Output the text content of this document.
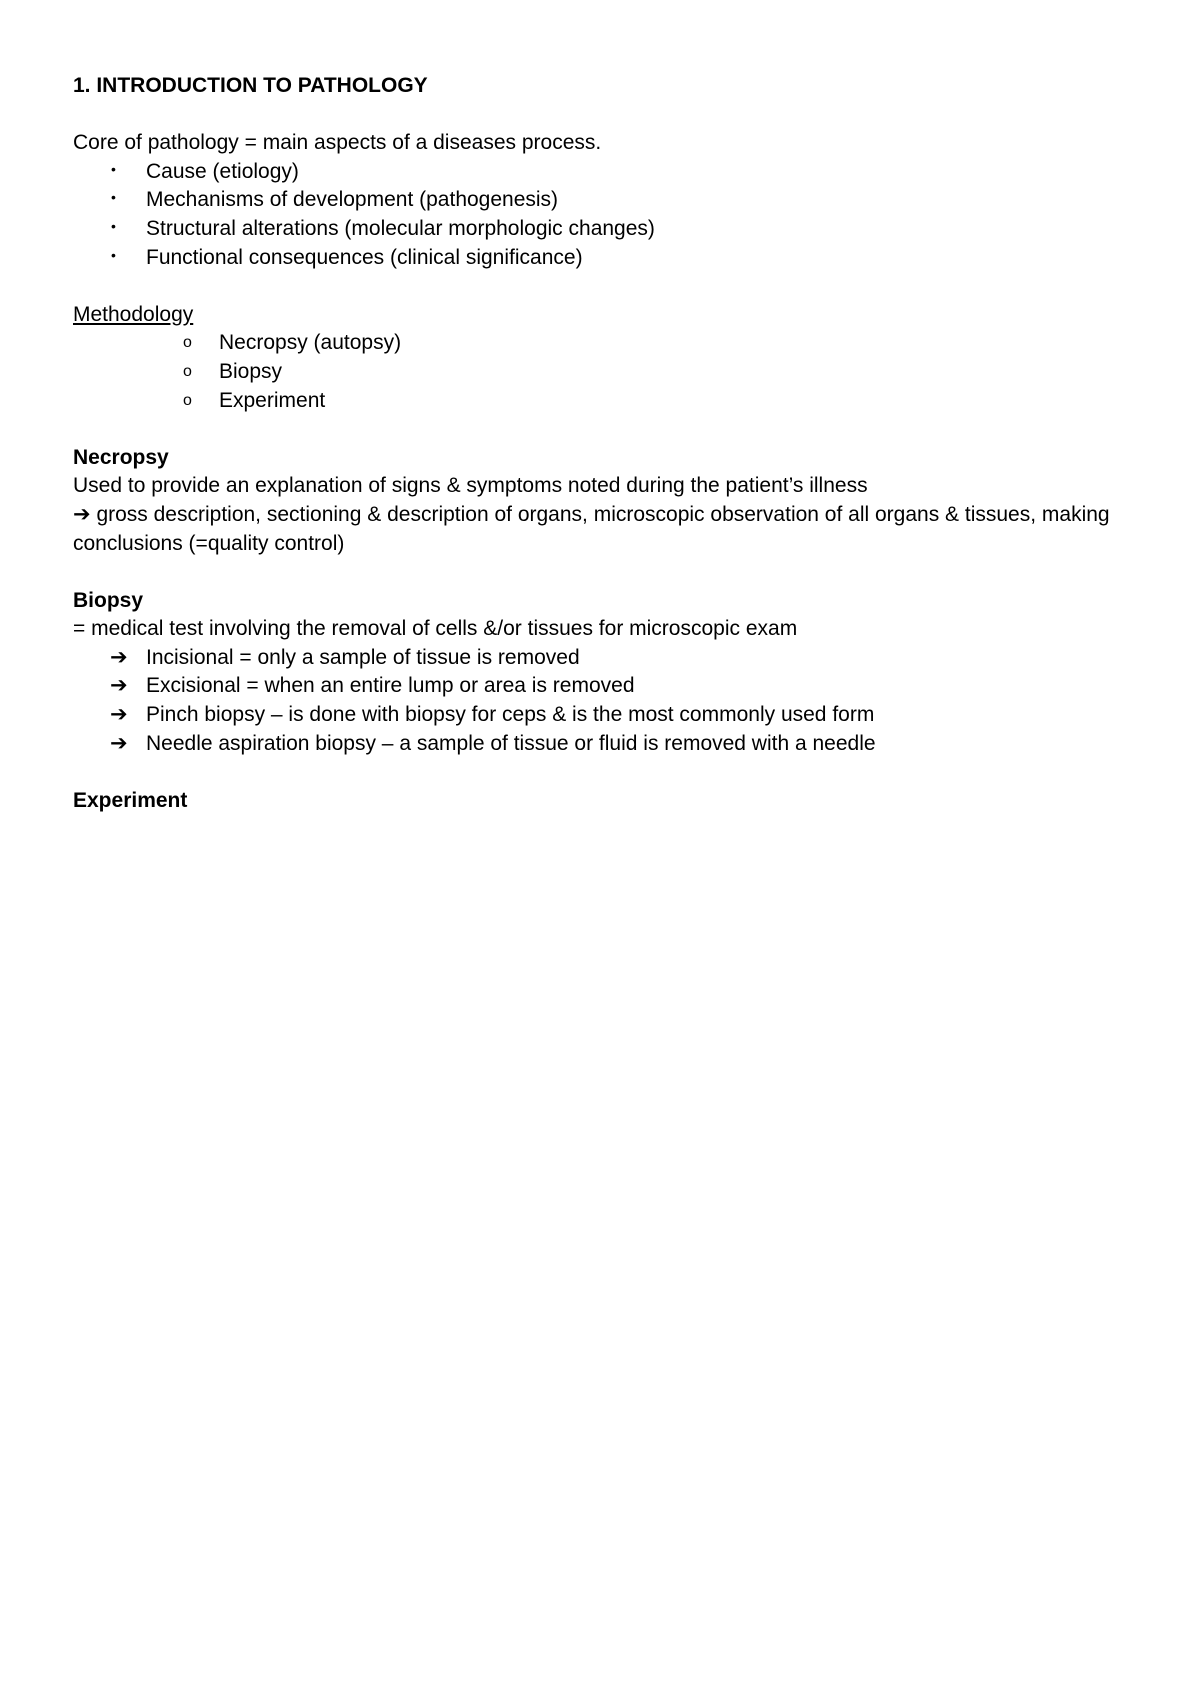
1. INTRODUCTION TO PATHOLOGY

Core of pathology = main aspects of a diseases process.

• Cause (etiology)
• Mechanisms of development (pathogenesis)
• Structural alterations (molecular morphologic changes)
• Functional consequences (clinical significance)

Methodology

o Necropsy (autopsy)
o Biopsy
o Experiment

Necropsy

Used to provide an explanation of signs & symptoms noted during the patient’s illness

➔ gross description, sectioning & description of organs, microscopic observation of all organs & tissues, making conclusions (=quality control)

Biopsy

= medical test involving the removal of cells &/or tissues for microscopic exam

➔ Incisional = only a sample of tissue is removed
➔ Excisional = when an entire lump or area is removed
➔ Pinch biopsy – is done with biopsy for ceps & is the most commonly used form
➔ Needle aspiration biopsy – a sample of tissue or fluid is removed with a needle

Experiment
